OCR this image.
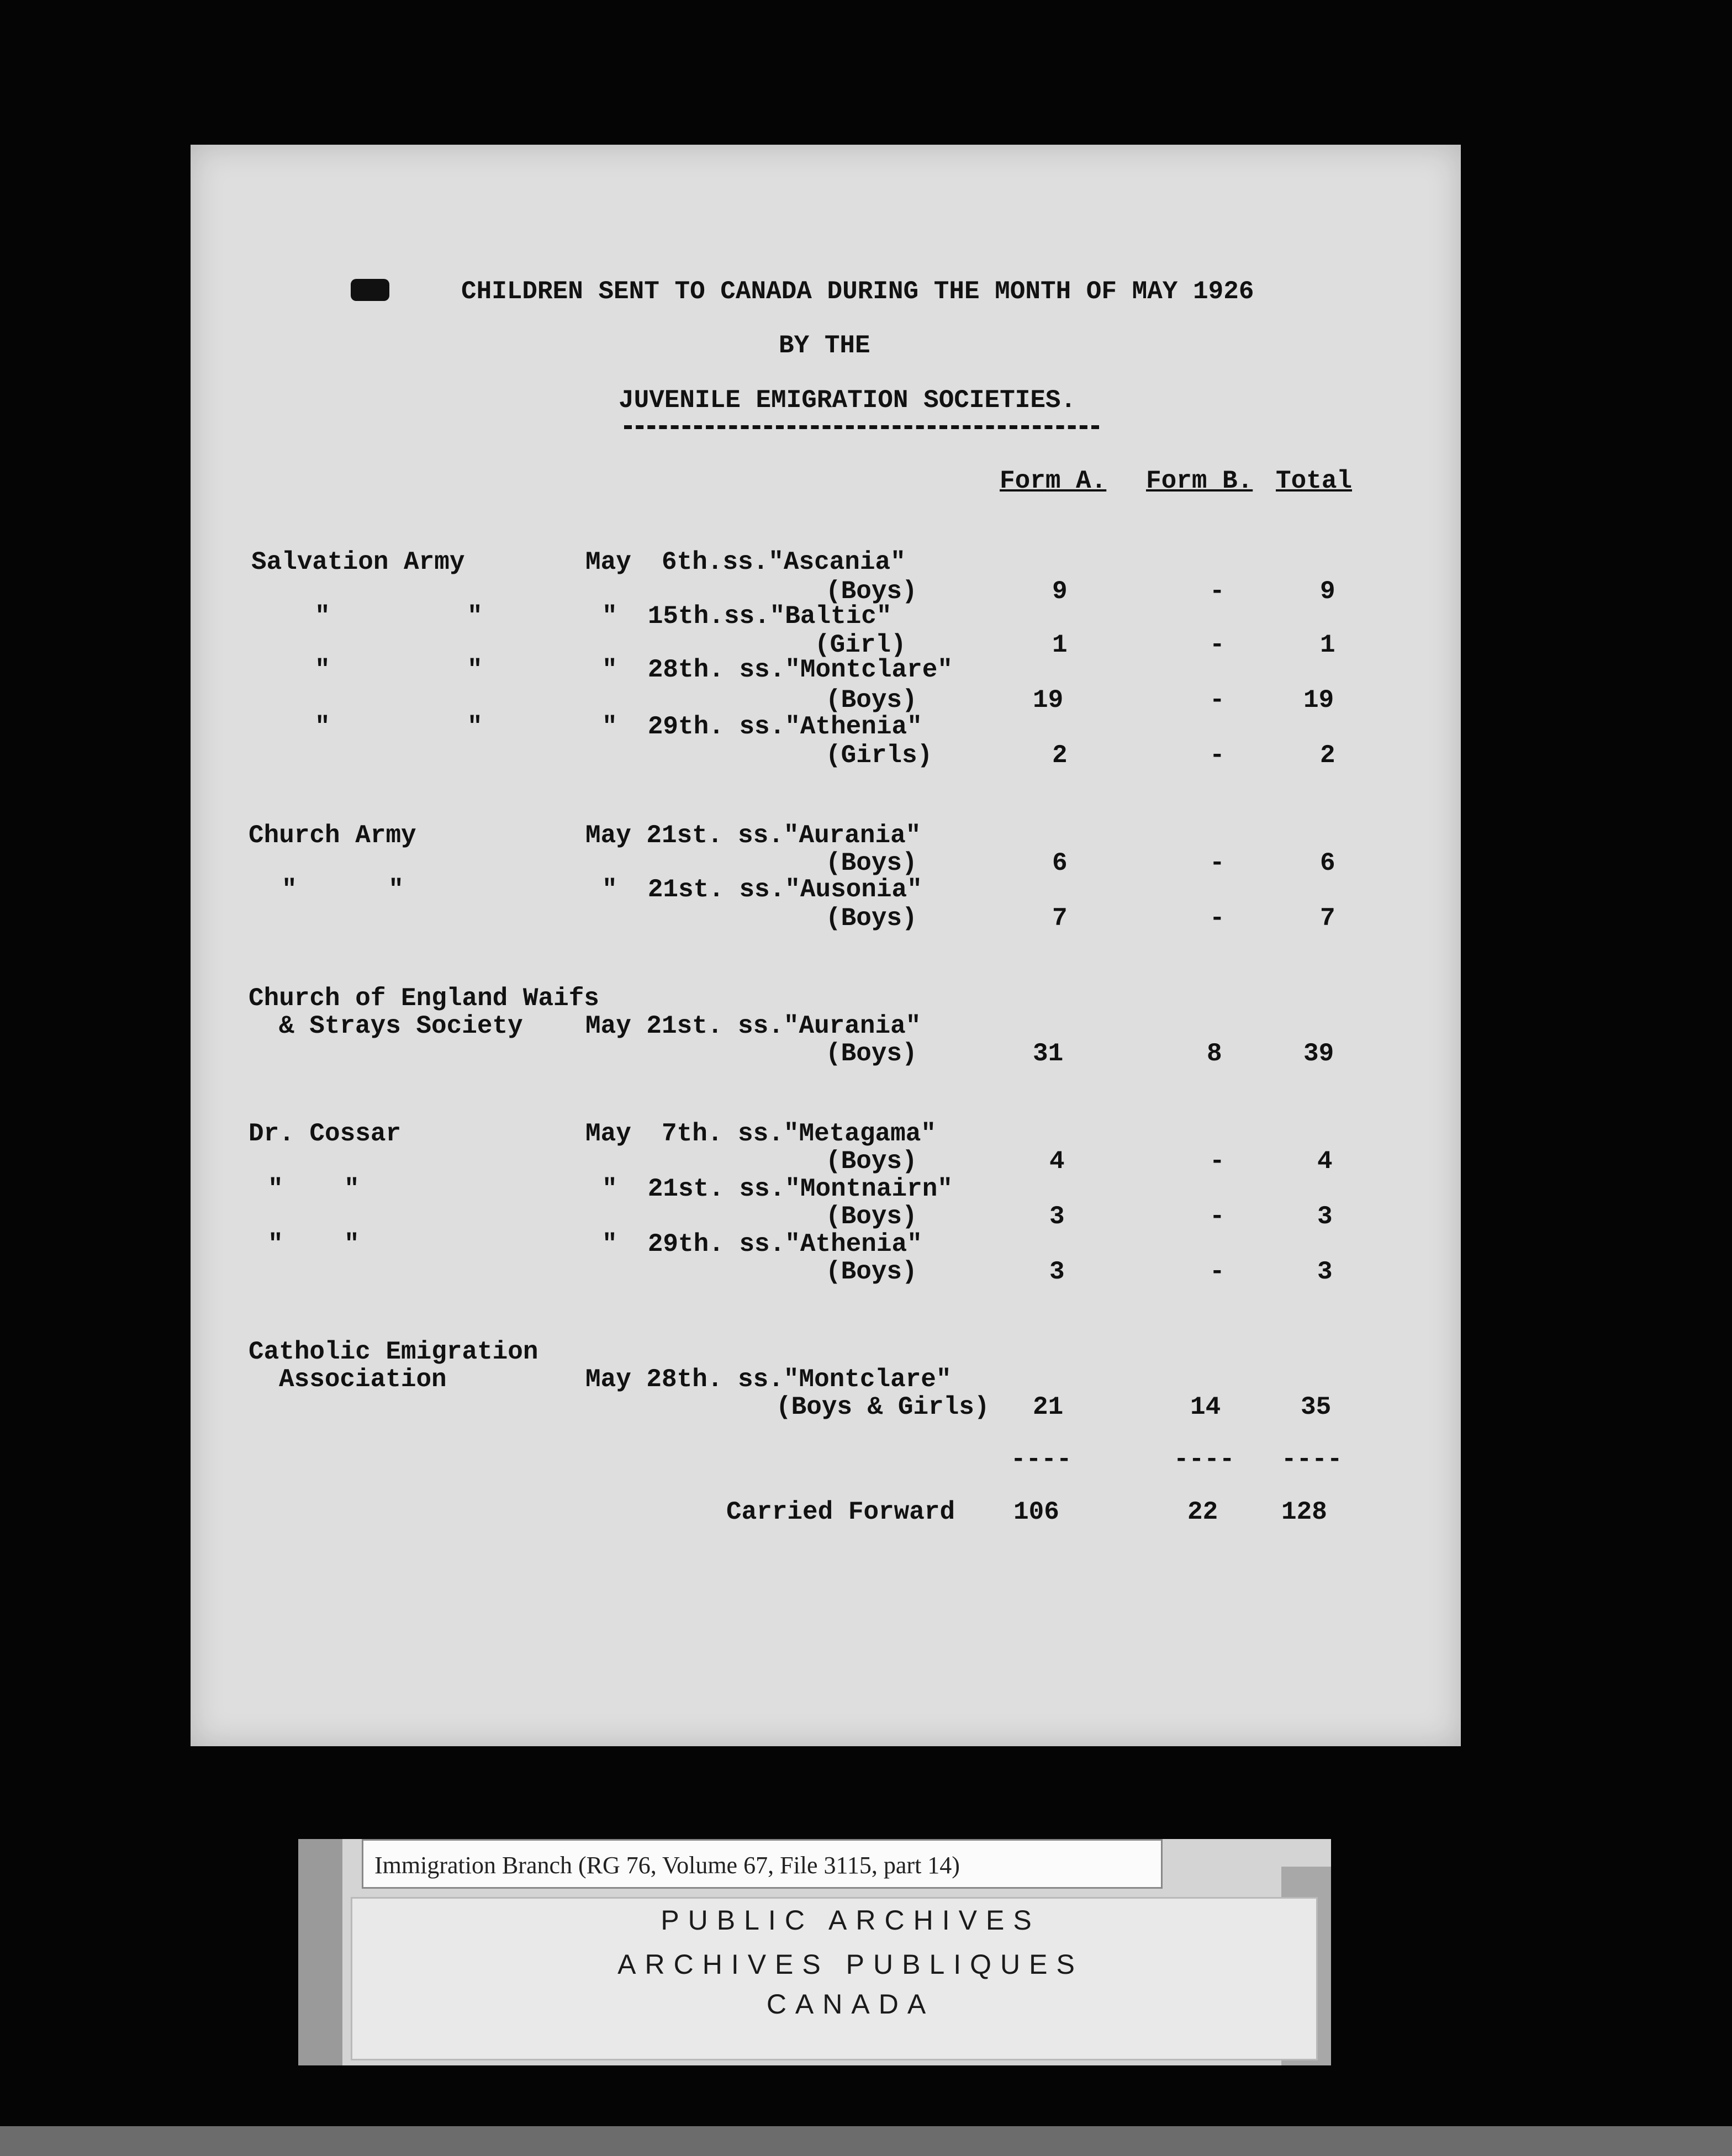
CHILDREN SENT TO CANADA DURING THE MONTH OF MAY 1926
BY THE
JUVENILE EMIGRATION SOCIETIES.
Form A. Form B. Total
Salvation Army	May  6th.ss."Ascania"
(Boys)	9	-	9
"         "	"  15th.ss."Baltic"
(Girl)	1	-	1
"         "	"  28th. ss."Montclare"
(Boys)	19	-	19
"         "	"  29th. ss."Athenia"
(Girls)	2	-	2
Church Army	May 21st. ss."Aurania"
(Boys)	6	-	6
"      "	"  21st. ss."Ausonia"
(Boys)	7	-	7
Church of England Waifs
& Strays Society May 21st. ss."Aurania"
(Boys)	31	8	39
Dr. Cossar	May  7th. ss."Metagama"
(Boys)	4	-	4
"    "	"  21st. ss."Montnairn"
(Boys)	3	-	3
"    "	"  29th. ss."Athenia"
(Boys)	3	-	3
Catholic Emigration
Association	May 28th. ss."Montclare"
(Boys & Girls) 21	14	35
----	---- ----
Carried Forward 106	22 128
Immigration Branch (RG 76, Volume 67, File 3115, part 14)
PUBLIC ARCHIVES
ARCHIVES PUBLIQUES
CANADA
